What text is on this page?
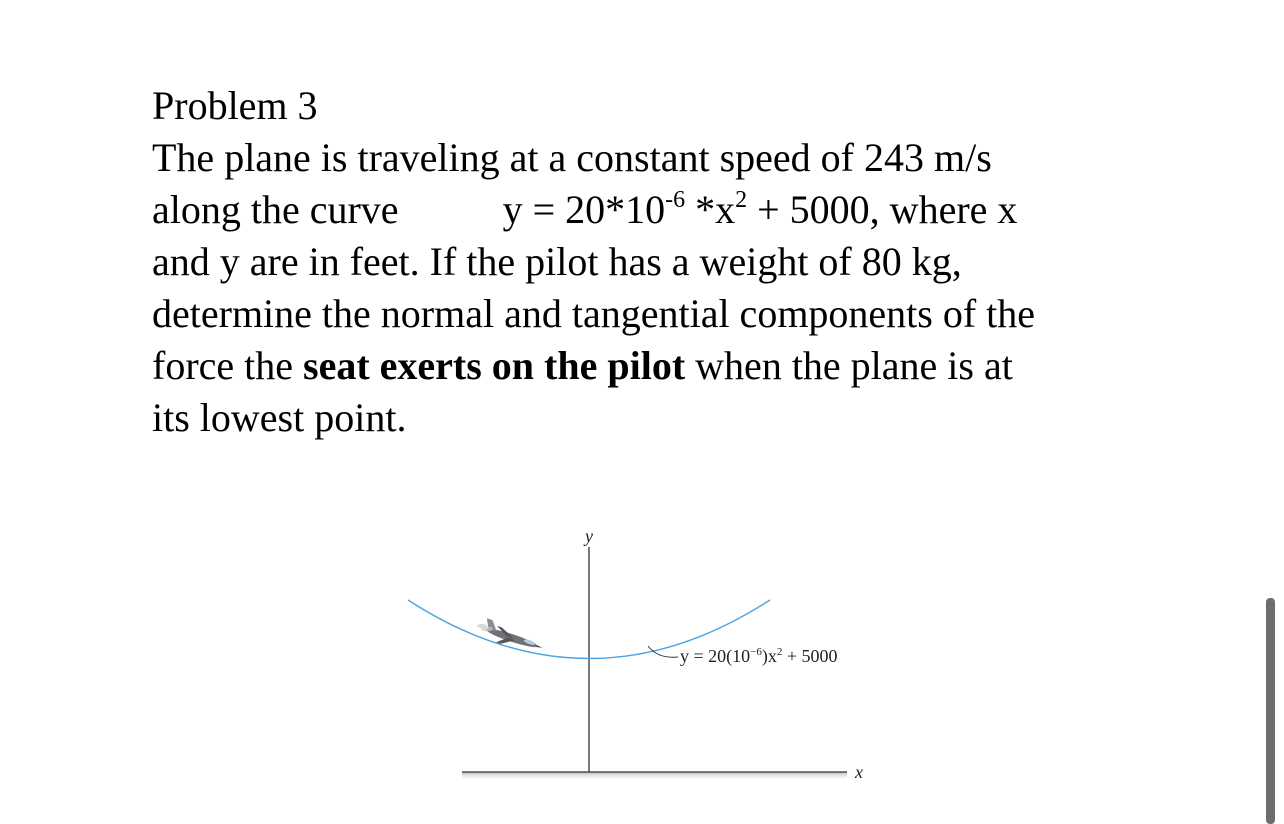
Problem 3
The plane is traveling at a constant speed of 243 m/s
along the curve	$y = 20*10^{-6}$ $*x^2 + 5000$, where x
and y are in feet. If the pilot has a weight of 80 kg,
determine the normal and tangential components of the
force the seat exerts on the pilot when the plane is at
its lowest point.
y
x
$y = 20(10^{-6})x^2 + 5000$
